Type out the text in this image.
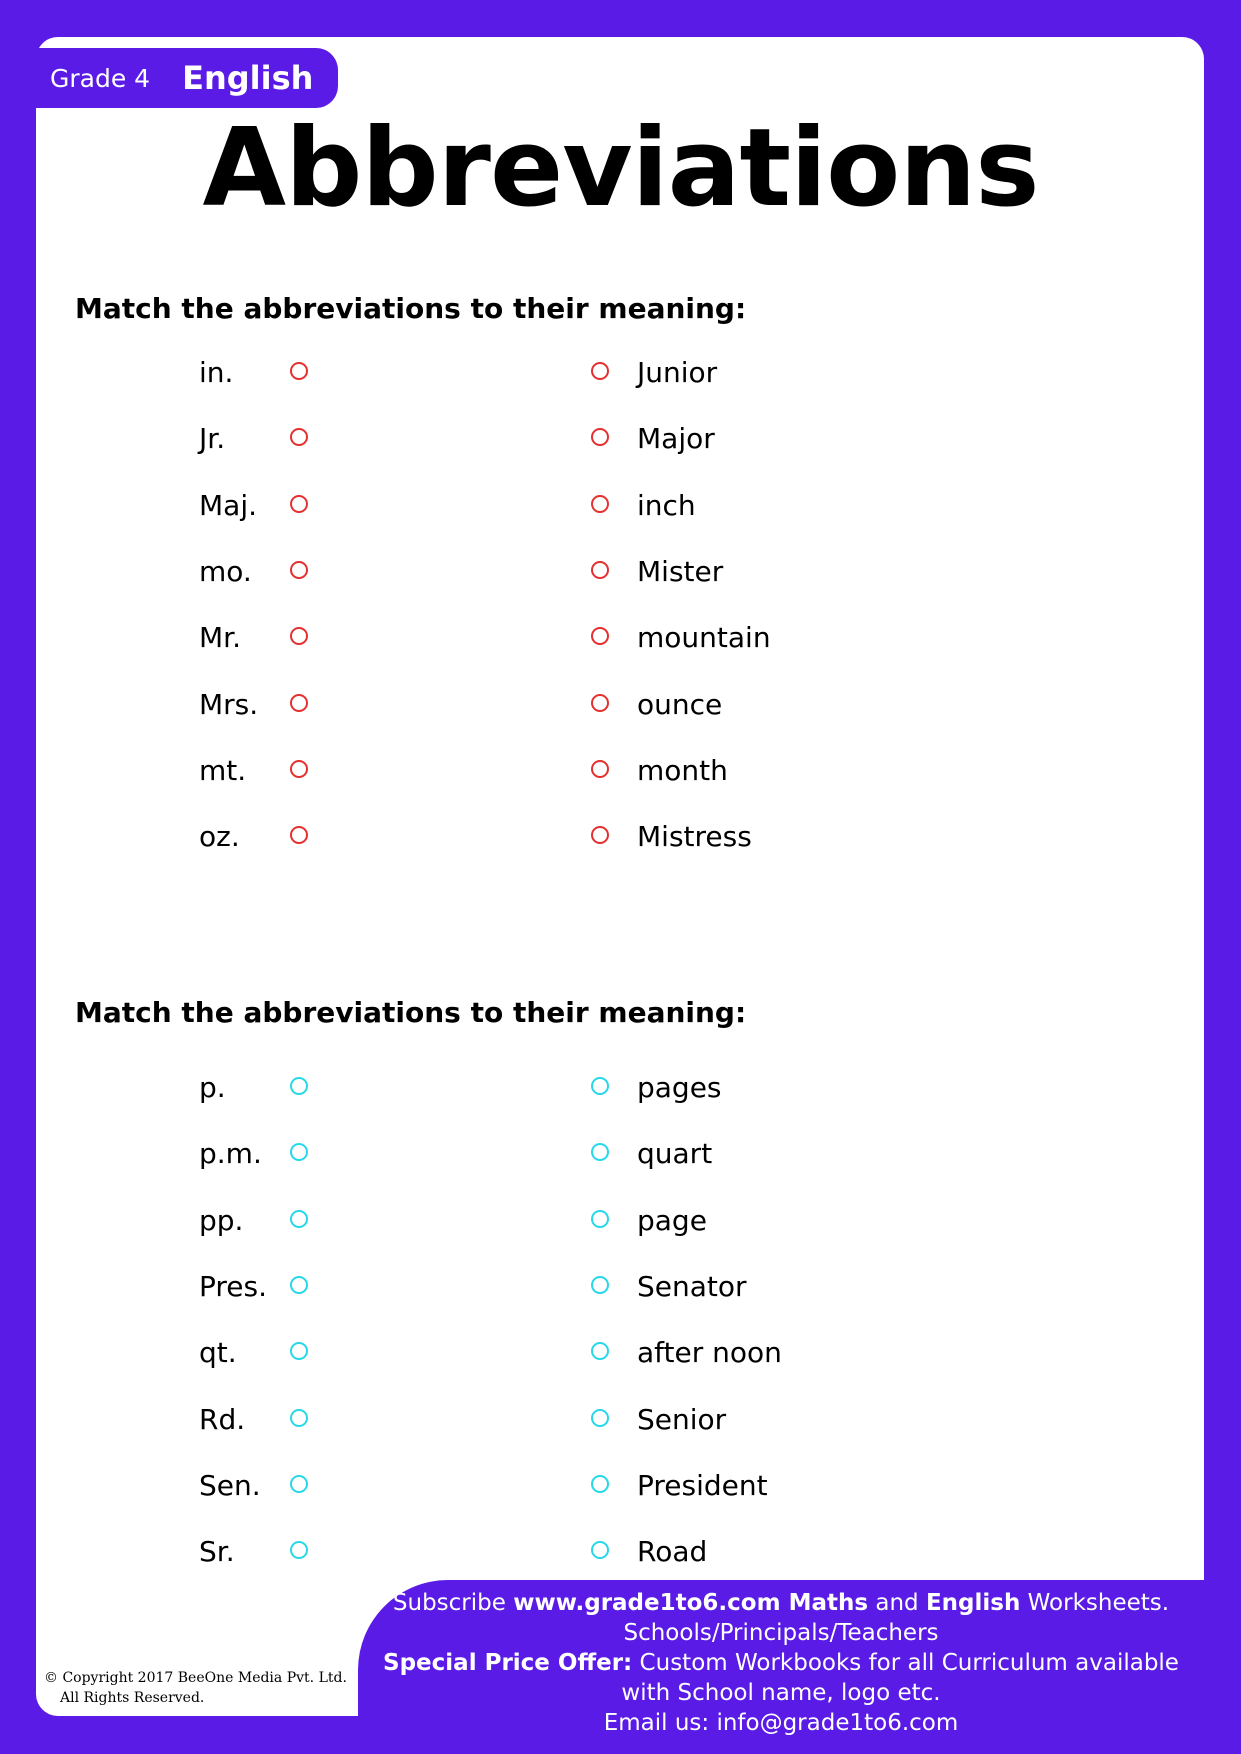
Grade 4 English
Abbreviations
Match the abbreviations to their meaning:
in.	Junior
Jr.	Major
Maj.	inch
mo.	Mister
Mr.	mountain
Mrs.	ounce
mt.	month
oz.	Mistress
Match the abbreviations to their meaning:
p.	pages
p.m.	quart
pp.	page
Pres.	Senator
qt.	after noon
Rd.	Senior
Sen.	President
Sr.	Road
Subscribe www.grade1to6.com Maths and English Worksheets.
Schools/Principals/Teachers
Special Price Offer: Custom Workbooks for all Curriculum available
with School name, logo etc.
Email us: info@grade1to6.com
© Copyright 2017 BeeOne Media Pvt. Ltd.
All Rights Reserved.
